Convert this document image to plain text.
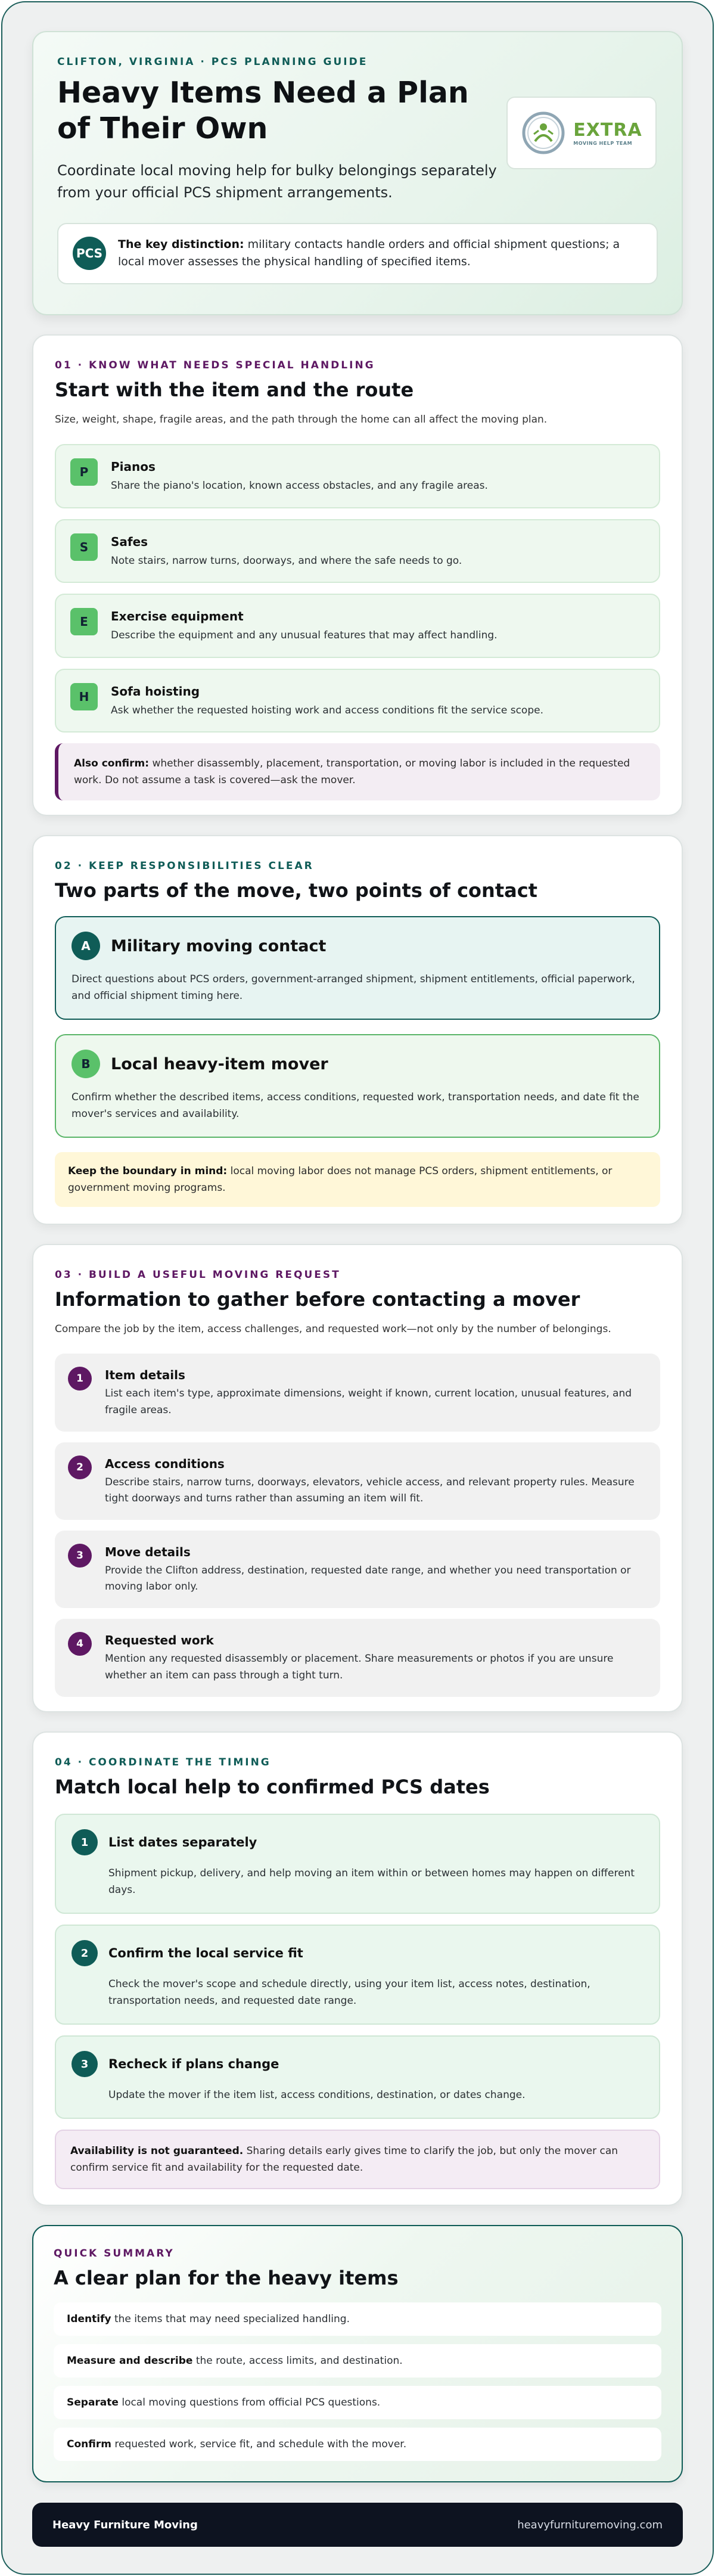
CLIFTON, VIRGINIA · PCS PLANNING GUIDE
Heavy Items Need a Plan of Their Own

Coordinate local moving help for bulky belongings separately from your official PCS shipment arrangements.

EXTRA
MOVING HELP TEAM
PCS

The key distinction: military contacts handle orders and official shipment questions; a local mover assesses the physical handling of specified items.

01 · KNOW WHAT NEEDS SPECIAL HANDLING
Start with the item and the route

Size, weight, shape, fragile areas, and the path through the home can all affect the moving plan.

P	Pianos
Share the piano's location, known access obstacles, and any fragile areas.
S	Safes
Note stairs, narrow turns, doorways, and where the safe needs to go.
E	Exercise equipment
Describe the equipment and any unusual features that may affect handling.
H	Sofa hoisting
Ask whether the requested hoisting work and access conditions fit the service scope.
Also confirm: whether disassembly, placement, transportation, or moving labor is included in the requested work. Do not assume a task is covered—ask the mover.
02 · KEEP RESPONSIBILITIES CLEAR
Two parts of the move, two points of contact
A	Military moving contact

Direct questions about PCS orders, government-arranged shipment, shipment entitlements, official paperwork, and official shipment timing here.

B	Local heavy-item mover

Confirm whether the described items, access conditions, requested work, transportation needs, and date fit the mover's services and availability.

Keep the boundary in mind: local moving labor does not manage PCS orders, shipment entitlements, or government moving programs.
03 · BUILD A USEFUL MOVING REQUEST
Information to gather before contacting a mover

Compare the job by the item, access challenges, and requested work—not only by the number of belongings.

1	Item details
List each item's type, approximate dimensions, weight if known, current location, unusual features, and fragile areas.
2	Access conditions
Describe stairs, narrow turns, doorways, elevators, vehicle access, and relevant property rules. Measure tight doorways and turns rather than assuming an item will fit.
3	Move details
Provide the Clifton address, destination, requested date range, and whether you need transportation or moving labor only.
4	Requested work
Mention any requested disassembly or placement. Share measurements or photos if you are unsure whether an item can pass through a tight turn.
04 · COORDINATE THE TIMING
Match local help to confirmed PCS dates
1	List dates separately

Shipment pickup, delivery, and help moving an item within or between homes may happen on different days.

2	Confirm the local service fit

Check the mover's scope and schedule directly, using your item list, access notes, destination, transportation needs, and requested date range.

3	Recheck if plans change

Update the mover if the item list, access conditions, destination, or dates change.

Availability is not guaranteed. Sharing details early gives time to clarify the job, but only the mover can confirm service fit and availability for the requested date.
QUICK SUMMARY
A clear plan for the heavy items
Identify the items that may need specialized handling.
Measure and describe the route, access limits, and destination.
Separate local moving questions from official PCS questions.
Confirm requested work, service fit, and schedule with the mover.
Heavy Furniture Moving	heavyfurnituremoving.com
